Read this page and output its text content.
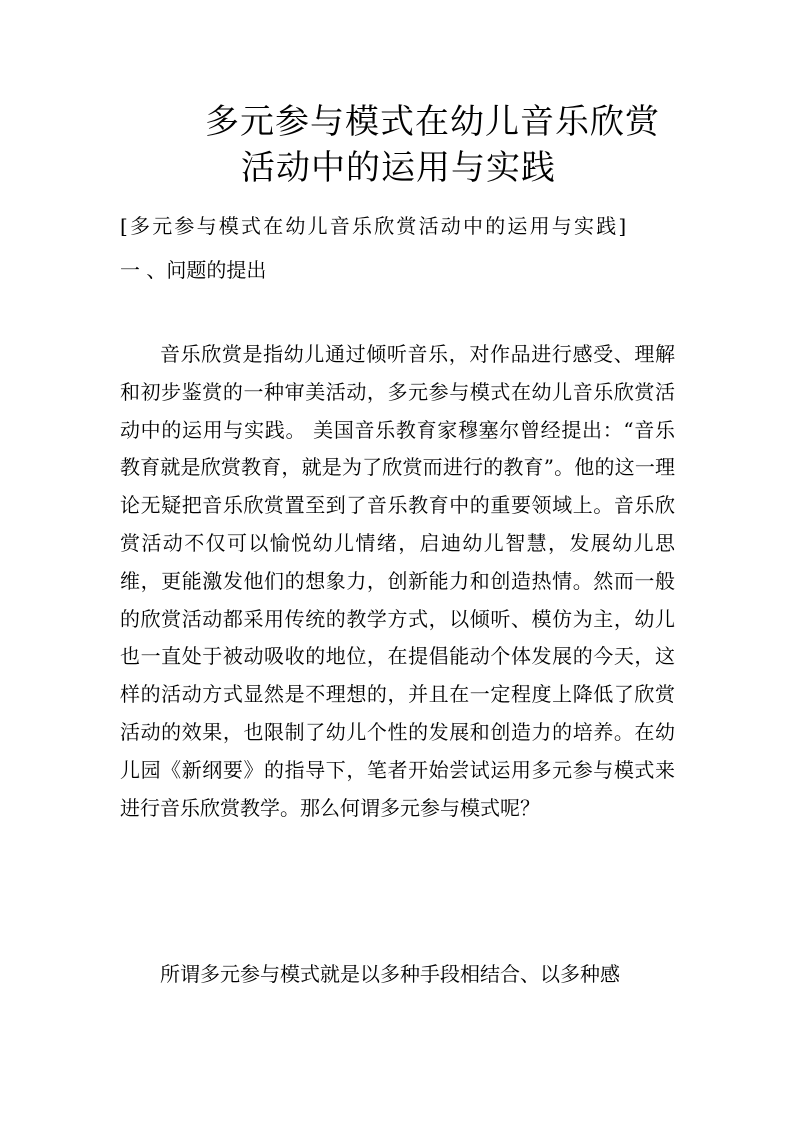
多元参与模式在幼儿音乐欣赏
活动中的运用与实践
[多元参与模式在幼儿音乐欣赏活动中的运用与实践]
一 、问题的提出

音乐欣赏是指幼儿通过倾听音乐，对作品进行感受、理解和初步鉴赏的一种审美活动，多元参与模式在幼儿音乐欣赏活动中的运用与实践。 美国音乐教育家穆塞尔曾经提出：“音乐教育就是欣赏教育，就是为了欣赏而进行的教育”。他的这一理论无疑把音乐欣赏置至到了音乐教育中的重要领域上。音乐欣赏活动不仅可以愉悦幼儿情绪，启迪幼儿智慧，发展幼儿思维，更能激发他们的想象力，创新能力和创造热情。然而一般的欣赏活动都采用传统的教学方式，以倾听、模仿为主，幼儿也一直处于被动吸收的地位，在提倡能动个体发展的今天，这样的活动方式显然是不理想的，并且在一定程度上降低了欣赏活动的效果，也限制了幼儿个性的发展和创造力的培养。在幼儿园《新纲要》的指导下，笔者开始尝试运用多元参与模式来进行音乐欣赏教学。那么何谓多元参与模式呢？

所谓多元参与模式就是以多种手段相结合、以多种感
